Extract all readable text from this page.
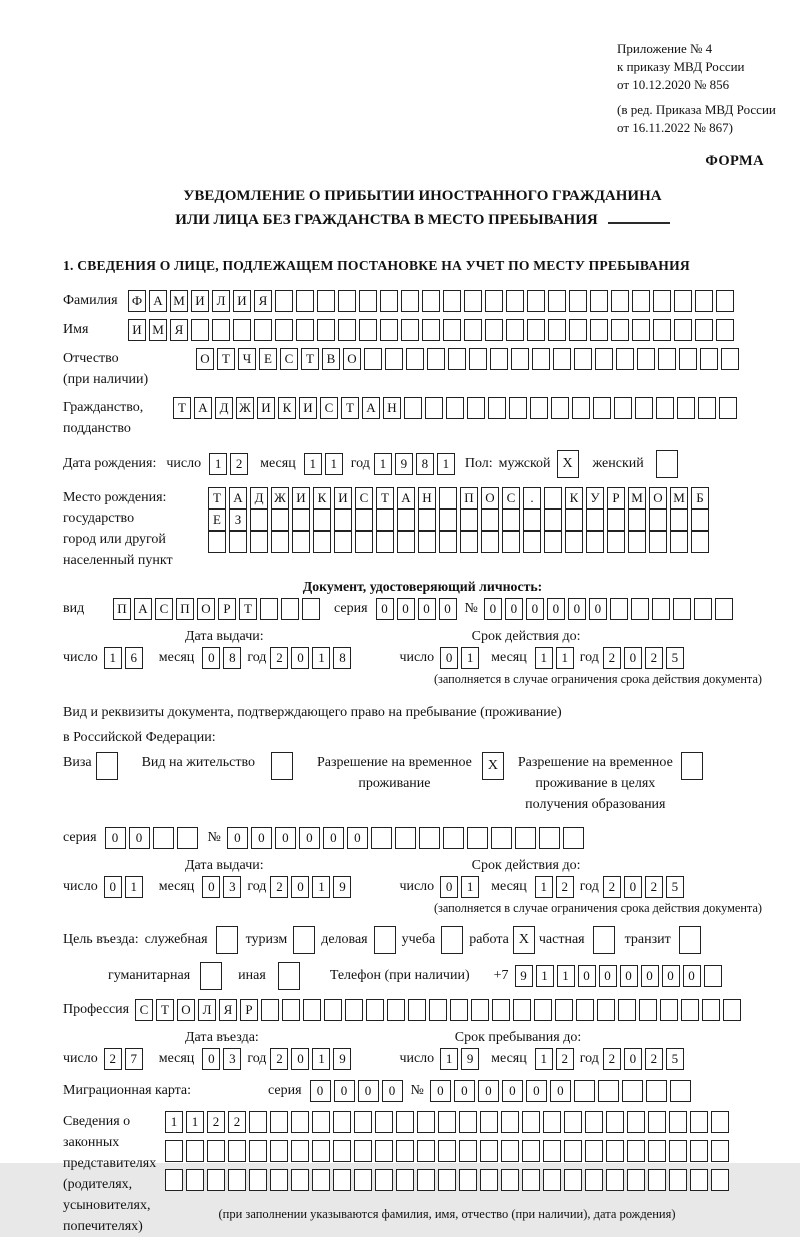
Приложение № 4
к приказу МВД России
от 10.12.2020 № 856
(в ред. Приказа МВД России
от 16.11.2022 № 867)
ФОРМА
УВЕДОМЛЕНИЕ О ПРИБЫТИИ ИНОСТРАННОГО ГРАЖДАНИНА
ИЛИ ЛИЦА БЕЗ ГРАЖДАНСТВА В МЕСТО ПРЕБЫВАНИЯ
1. СВЕДЕНИЯ О ЛИЦЕ, ПОДЛЕЖАЩЕМ ПОСТАНОВКЕ НА УЧЕТ ПО МЕСТУ ПРЕБЫВАНИЯ
Фамилия	Ф А М И Л И Я
Имя	И М Я
Отчество
(при наличии)
О Т Ч Е С Т В О
Гражданство,
подданство
Т А Д Ж И К И С Т А Н
Дата рождения: число	1	2	месяц	1	1 год 1	9	8	1	Пол: мужской X	женский
Место рождения:
государство
город или другой
населенный пункт
Т А Д Ж И К И С Т А Н	П О С	.	К У Р М О М Б
Е	З
Документ, удостоверяющий личность:
вид	П А С П О Р	Т	серия	0	0	0	0 № 0	0	0	0	0	0
Дата выдачи:	Срок действия до:
число 1	6	месяц	0	8 год 2	0	1	8	число 0	1	месяц	1	1 год 2	0	2	5
(заполняется в случае ограничения срока действия документа)
Вид и реквизиты документа, подтверждающего право на пребывание (проживание)
в Российской Федерации:
Виза	Вид на жительство	Разрешение на временное
проживание
X	Разрешение на временное
проживание в целях
получения образования
серия	0	0	№	0	0	0	0	0	0
Дата выдачи:	Срок действия до:
число 0	1	месяц	0	3 год 2	0	1	9	число 0	1	месяц	1	2 год 2	0	2	5
(заполняется в случае ограничения срока действия документа)
Цель въезда: служебная	туризм деловая учеба работа X частная	транзит
гуманитарная	иная	Телефон (при наличии) +7 9	1	1	0	0	0	0	0	0
Профессия С Т О Л Я	Р
Дата въезда:	Срок пребывания до:
число 2	7	месяц	0	3 год 2	0	1	9	число 1	9	месяц	1	2 год 2	0	2	5
Миграционная карта:	серия	0	0	0	0	№	0	0	0	0	0	0
Сведения о
законных
представителях
(родителях,
усыновителях,
попечителях)
1	1	2	2
(при заполнении указываются фамилия, имя, отчество (при наличии), дата рождения)
